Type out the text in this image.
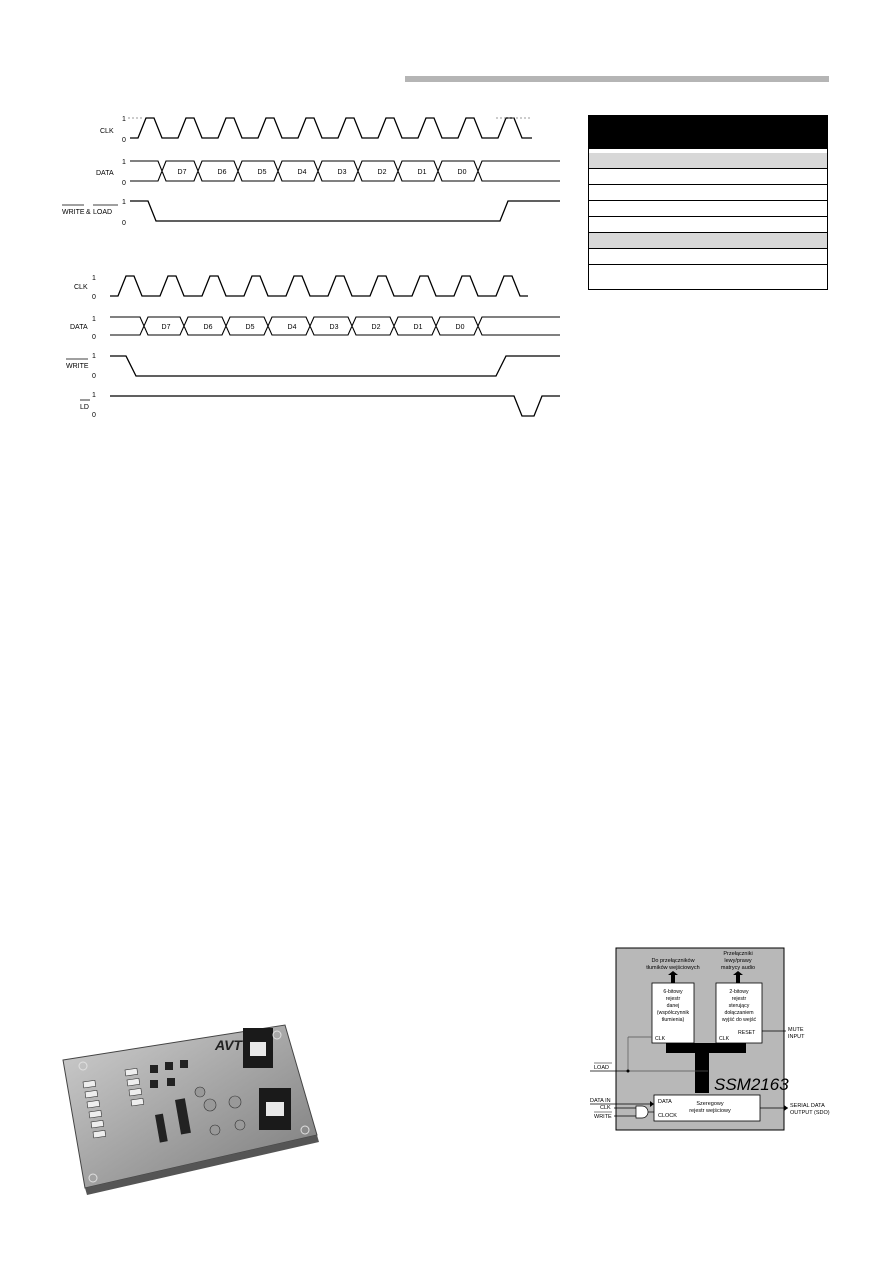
1
0
CLK
1
0
DATA
1
0
WRITE & LOAD
D7	D6	D5	D4	D3	D2	D1	D0
1
0
CLK
1
0
DATA
1
0
WRITE
1
0
LD
D7	D6	D5	D4	D3	D2	D1	D0
AVT
Do przełączników
tłumików wejściowych
Przełączniki
lewy/prawy
matrycy audio
6-bitowy
rejestr
danej
(współczynnik
tłumienia)
CLK
2-bitowy
rejestr
sterujący
dołączaniem
wyjść do wejść
RESET
CLK
MUTE
INPUT
LOAD
SSM2163
DATA
CLOCK
Szeregowy
rejestr wejściowy
DATA IN
CLK
WRITE
SERIAL DATA
OUTPUT (SDO)
